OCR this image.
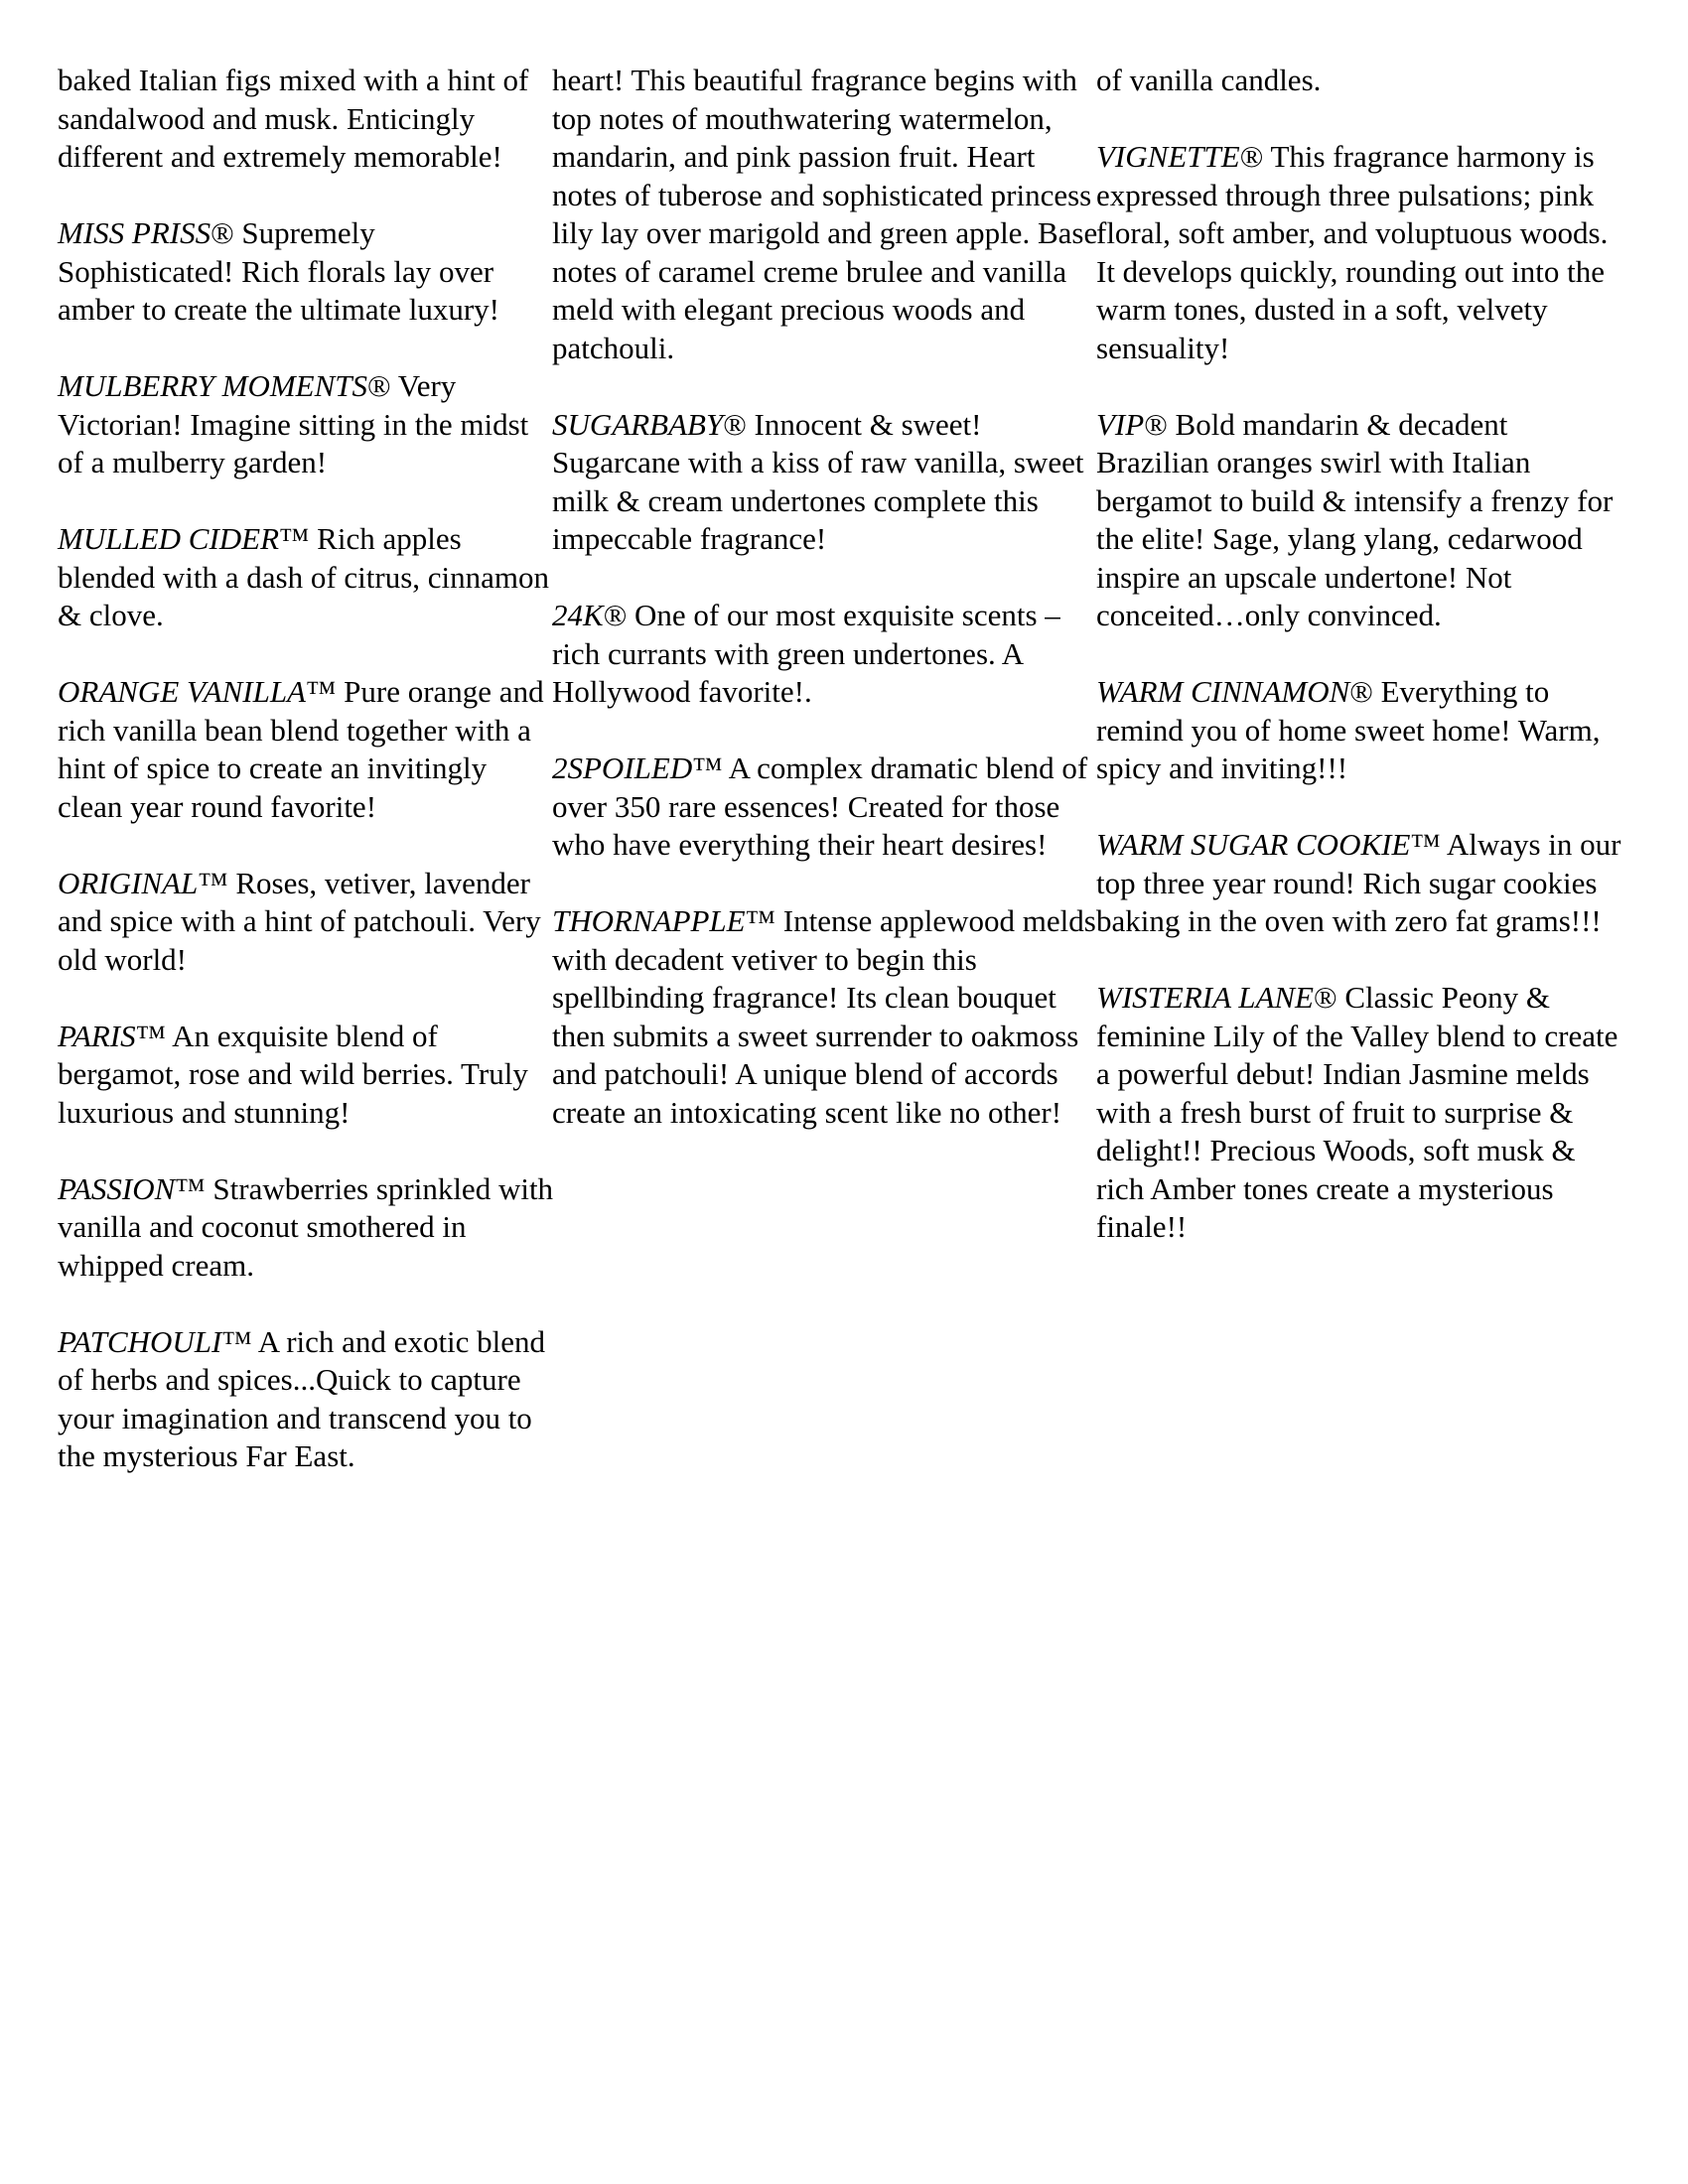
baked Italian figs mixed with a hint of sandalwood and musk. Enticingly different and extremely memorable!

MISS PRISS® Supremely Sophisticated! Rich florals lay over amber to create the ultimate luxury!

MULBERRY MOMENTS® Very Victorian! Imagine sitting in the midst of a mulberry garden!

MULLED CIDER™ Rich apples blended with a dash of citrus, cinnamon & clove.

ORANGE VANILLA™ Pure orange and rich vanilla bean blend together with a hint of spice to create an invitingly clean year round favorite!

ORIGINAL™ Roses, vetiver, lavender and spice with a hint of patchouli. Very old world!

PARIS™ An exquisite blend of bergamot, rose and wild berries. Truly luxurious and stunning!

PASSION™ Strawberries sprinkled with vanilla and coconut smothered in whipped cream.

PATCHOULI™ A rich and exotic blend of herbs and spices...Quick to capture your imagination and transcend you to the mysterious Far East.

heart! This beautiful fragrance begins with top notes of mouthwatering watermelon, mandarin, and pink passion fruit. Heart notes of tuberose and sophisticated princess lily lay over marigold and green apple. Base notes of caramel creme brulee and vanilla meld with elegant precious woods and patchouli.

SUGARBABY® Innocent & sweet! Sugarcane with a kiss of raw vanilla, sweet milk & cream undertones complete this impeccable fragrance!

24K® One of our most exquisite scents – rich currants with green undertones. A Hollywood favorite!.

2SPOILED™ A complex dramatic blend of over 350 rare essences! Created for those who have everything their heart desires!

THORNAPPLE™ Intense applewood melds with decadent vetiver to begin this spellbinding fragrance! Its clean bouquet then submits a sweet surrender to oakmoss and patchouli! A unique blend of accords create an intoxicating scent like no other!

of vanilla candles.

VIGNETTE® This fragrance harmony is expressed through three pulsations; pink floral, soft amber, and voluptuous woods. It develops quickly, rounding out into the warm tones, dusted in a soft, velvety sensuality!

VIP® Bold mandarin & decadent Brazilian oranges swirl with Italian bergamot to build & intensify a frenzy for the elite! Sage, ylang ylang, cedarwood inspire an upscale undertone! Not conceited…only convinced.

WARM CINNAMON® Everything to remind you of home sweet home! Warm, spicy and inviting!!!

WARM SUGAR COOKIE™ Always in our top three year round! Rich sugar cookies baking in the oven with zero fat grams!!!

WISTERIA LANE® Classic Peony & feminine Lily of the Valley blend to create a powerful debut! Indian Jasmine melds with a fresh burst of fruit to surprise & delight!! Precious Woods, soft musk & rich Amber tones create a mysterious finale!!
